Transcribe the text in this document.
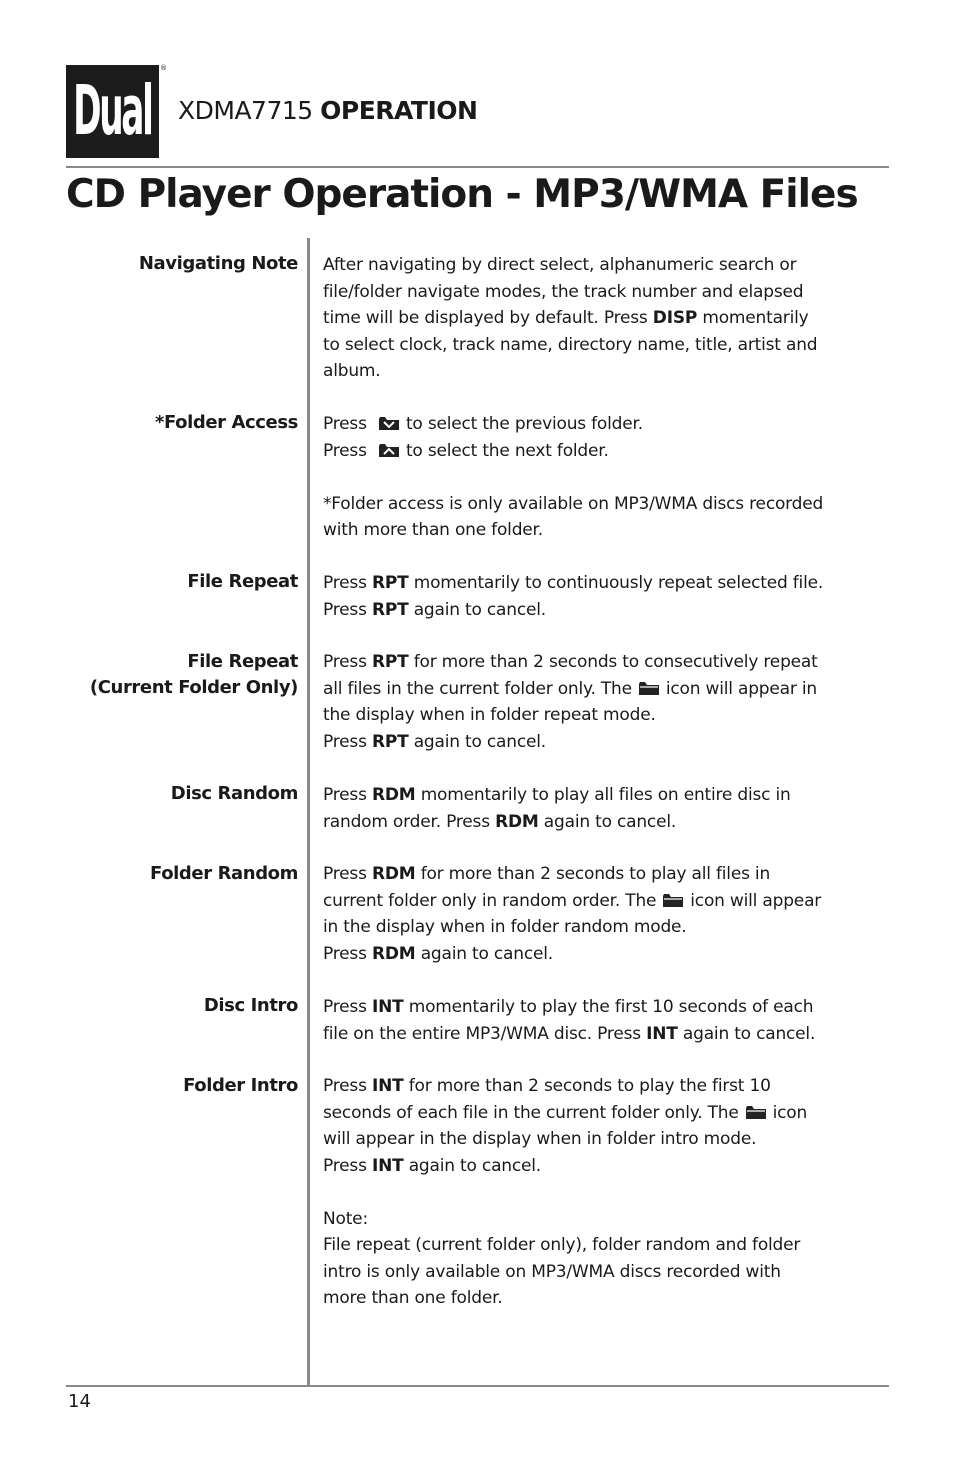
Dual
®
XDMA7715 OPERATION
CD Player Operation - MP3/WMA Files
Navigating Note After navigating by direct select, alphanumeric search or

file/folder navigate modes, the track number and elapsed

time will be displayed by default. Press DISP momentarily

to select clock, track name, directory name, title, artist and

album.

*Folder Access Press to select the previous folder.

Press to select the next folder.

*Folder access is only available on MP3/WMA discs recorded

with more than one folder.

File Repeat Press RPT momentarily to continuously repeat selected file.

Press RPT again to cancel.

File Repeat
(Current Folder Only)

Press RPT for more than 2 seconds to consecutively repeat

all files in the current folder only. The icon will appear in

the display when in folder repeat mode.

Press RPT again to cancel.

Disc Random Press RDM momentarily to play all files on entire disc in

random order. Press RDM again to cancel.

Folder Random Press RDM for more than 2 seconds to play all files in

current folder only in random order. The icon will appear

in the display when in folder random mode.

Press RDM again to cancel.

Disc Intro Press INT momentarily to play the first 10 seconds of each

file on the entire MP3/WMA disc. Press INT again to cancel.

Folder Intro Press INT for more than 2 seconds to play the first 10

seconds of each file in the current folder only. The icon

will appear in the display when in folder intro mode.

Press INT again to cancel.

Note:

File repeat (current folder only), folder random and folder

intro is only available on MP3/WMA discs recorded with

more than one folder.

14
